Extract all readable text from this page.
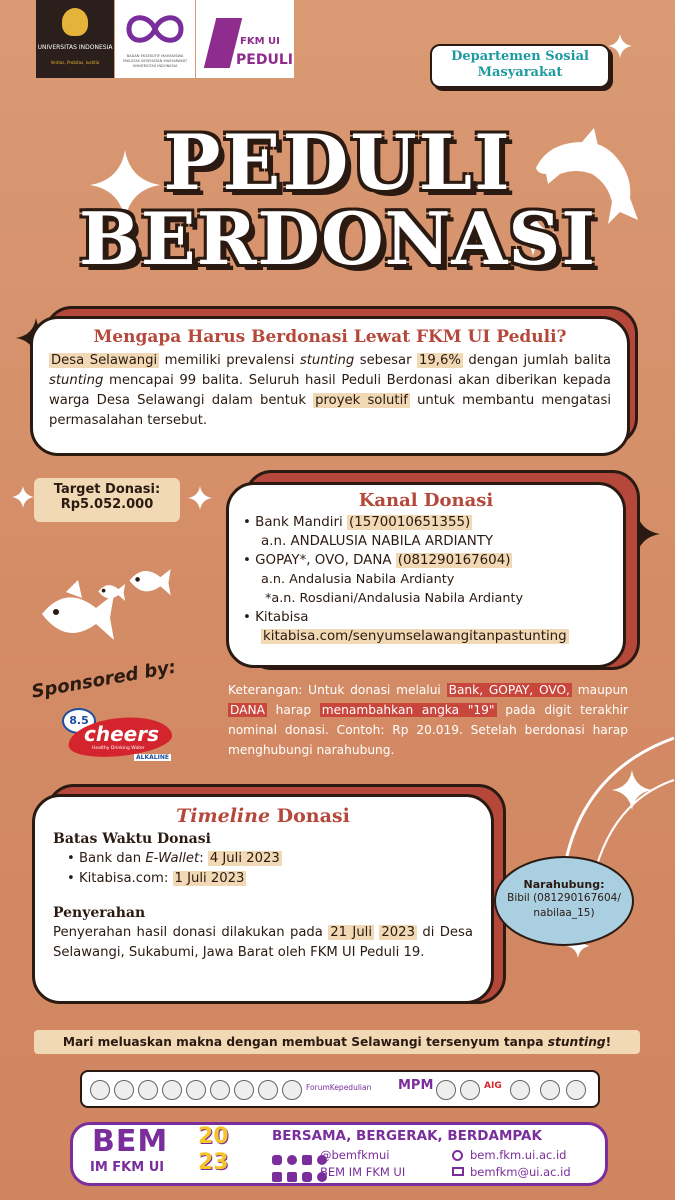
UNIVERSITAS INDONESIA
Veritas, Probitas, Iustitia
BADAN EKSEKUTIF MAHASISWA FAKULTAS KESEHATAN MASYARAKAT UNIVERSITAS INDONESIA
FKM UI
PEDULI	Departemen Sosial
Masyarakat
PEDULI
BERDONASI
Mengapa Harus Berdonasi Lewat FKM UI Peduli?
Desa Selawangi memiliki prevalensi stunting sebesar 19,6% dengan jumlah balita stunting mencapai 99 balita. Seluruh hasil Peduli Berdonasi akan diberikan kepada warga Desa Selawangi dalam bentuk proyek solutif untuk membantu mengatasi permasalahan tersebut.
Target Donasi:
Rp5.052.000	Kanal Donasi
• Bank Mandiri (1570010651355)
a.n. ANDALUSIA NABILA ARDIANTY
• GOPAY*, OVO, DANA (081290167604)
a.n. Andalusia Nabila Ardianty
*a.n. Rosdiani/Andalusia Nabila Ardianty
• Kitabisa
kitabisa.com/senyumselawangitanpastunting
Sponsored by:
8.5
cheers
Healthy Drinking Water
ALKALINE
Keterangan: Untuk donasi melalui Bank, GOPAY, OVO, maupun DANA harap menambahkan angka "19" pada digit terakhir nominal donasi. Contoh: Rp 20.019. Setelah berdonasi harap menghubungi narahubung.
Timeline Donasi
Batas Waktu Donasi
• Bank dan E-Wallet: 4 Juli 2023
• Kitabisa.com: 1 Juli 2023
Penyerahan
Penyerahan hasil donasi dilakukan pada 21 Juli 2023 di Desa Selawangi, Sukabumi, Jawa Barat oleh FKM UI Peduli 19.
Narahubung:
Bibil (081290167604/
nabilaa_15)
Mari meluaskan makna dengan membuat Selawangi tersenyum tanpa stunting!
ForumKepedulian MPM	AIG
BEM
IM FKM UI
20
23
BERSAMA, BERGERAK, BERDAMPAK

@bemfkmui

BEM IM FKM UI
bem.fkm.ui.ac.id
bemfkm@ui.ac.id
